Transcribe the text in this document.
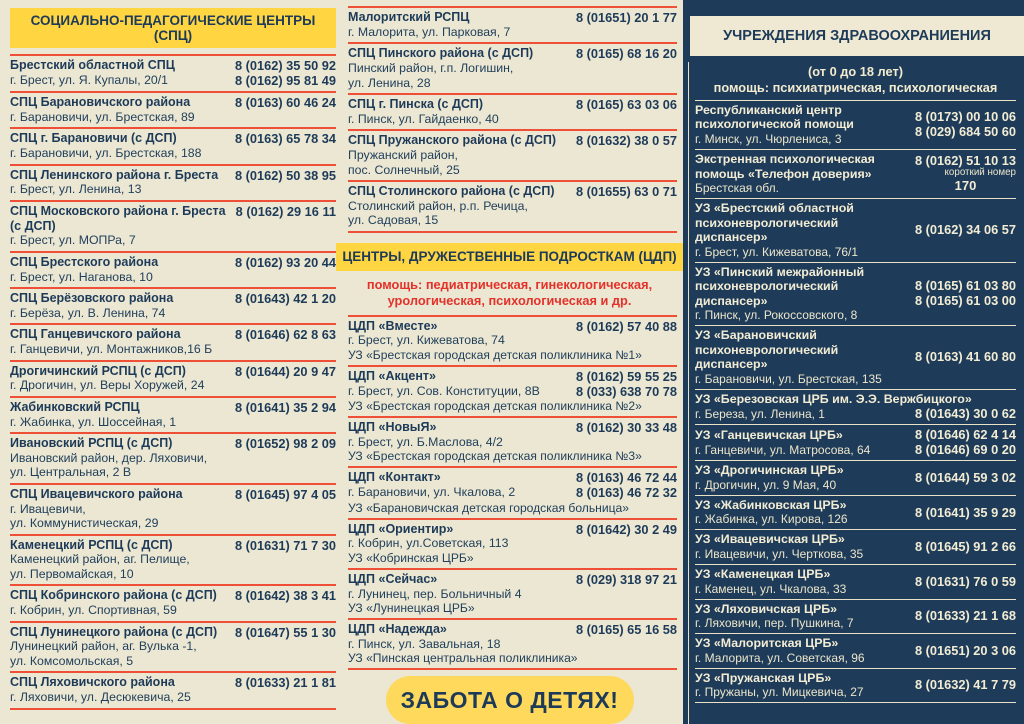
СОЦИАЛЬНО-ПЕДАГОГИЧЕСКИЕ ЦЕНТРЫ (СПЦ)
Брестский областной СПЦ
г. Брест, ул. Я. Купалы, 20/1
8 (0162) 35 50 92
8 (0162) 95 81 49
СПЦ Барановичского района
г. Барановичи, ул. Брестская, 89
8 (0163) 60 46 24
СПЦ г. Барановичи (с ДСП)
г. Барановичи, ул. Брестская, 188
8 (0163) 65 78 34
СПЦ Ленинского района г. Бреста
г. Брест, ул. Ленина, 13
8 (0162) 50 38 95
СПЦ Московского района г. Бреста (с ДСП)
г. Брест, ул. МОПРа, 7
8 (0162) 29 16 11
СПЦ Брестского района
г. Брест, ул. Наганова, 10
8 (0162) 93 20 44
СПЦ Берёзовского района
г. Берёза, ул. В. Ленина, 74
8 (01643) 42 1 20
СПЦ Ганцевичского района
г. Ганцевичи, ул. Монтажников,16 Б
8 (01646) 62 8 63
Дрогичинский РСПЦ (с ДСП)
г. Дрогичин, ул. Веры Хоружей, 24
8 (01644) 20 9 47
Жабинковский РСПЦ
г. Жабинка, ул. Шоссейная, 1
8 (01641) 35 2 94
Ивановский РСПЦ (с ДСП)
Ивановский район, дер. Ляховичи,
ул. Центральная, 2 В
8 (01652) 98 2 09
СПЦ Ивацевичского района
г. Ивацевичи,
ул. Коммунистическая, 29
8 (01645) 97 4 05
Каменецкий РСПЦ (с ДСП)
Каменецкий район, аг. Пелище,
ул. Первомайская, 10
8 (01631) 71 7 30
СПЦ Кобринского района (с ДСП)
г. Кобрин, ул. Спортивная, 59
8 (01642) 38 3 41
СПЦ Лунинецкого района (с ДСП)
Лунинецкий район, аг. Вулька -1,
ул. Комсомольская, 5
8 (01647) 55 1 30
СПЦ Ляховичского района
г. Ляховичи, ул. Десюкевича, 25
8 (01633) 21 1 81
Малоритский РСПЦ
г. Малорита, ул. Парковая, 7
8 (01651) 20 1 77
СПЦ Пинского района (с ДСП)
Пинский район, г.п. Логишин,
ул. Ленина, 28
8 (0165) 68 16 20
СПЦ г. Пинска (с ДСП)
г. Пинск, ул. Гайдаенко, 40
8 (0165) 63 03 06
СПЦ Пружанского района (с ДСП)
Пружанский район,
пос. Солнечный, 25
8 (01632) 38 0 57
СПЦ Столинского района (с ДСП)
Столинский район, р.п. Речица,
ул. Садовая, 15
8 (01655) 63 0 71
ЦЕНТРЫ, ДРУЖЕСТВЕННЫЕ ПОДРОСТКАМ (ЦДП)
помощь: педиатрическая, гинекологическая,
урологическая, психологическая и др.
ЦДП «Вместе»
г. Брест, ул. Кижеватова, 74
8 (0162) 57 40 88
УЗ «Брестская городская детская поликлиника №1»
ЦДП «Акцент»
г. Брест, ул. Сов. Конституции, 8В
8 (0162) 59 55 25
8 (033) 638 70 78
УЗ «Брестская городская детская поликлиника №2»
ЦДП «НовыЯ»
г. Брест, ул. Б.Маслова, 4/2
8 (0162) 30 33 48
УЗ «Брестская городская детская поликлиника №3»
ЦДП «Контакт»
г. Барановичи, ул. Чкалова, 2
8 (0163) 46 72 44
8 (0163) 46 72 32
УЗ «Барановичская детская городская больница»
ЦДП «Ориентир»
г. Кобрин, ул.Советская, 113
8 (01642) 30 2 49
УЗ «Кобринская ЦРБ»
ЦДП «Сейчас»
г. Лунинец, пер. Больничный 4
8 (029) 318 97 21
УЗ «Лунинецкая ЦРБ»
ЦДП «Надежда»
г. Пинск, ул. Завальная, 18
8 (0165) 65 16 58
УЗ «Пинская центральная поликлиника»
ЗАБОТА О ДЕТЯХ!
УЧРЕЖДЕНИЯ ЗДРАВООХРАНИЕНИЯ
(от 0 до 18 лет)
помощь: психиатрическая, психологическая
Республиканский центр психологической помощи
г. Минск, ул. Чюрлениса, 3
8 (0173) 00 10 06
8 (029) 684 50 60
Экстренная психологическая помощь «Телефон доверия»
Брестская обл.
8 (0162) 51 10 13
короткий номер
170
УЗ «Брестский областной психоневрологический диспансер»
г. Брест, ул. Кижеватова, 76/1
8 (0162) 34 06 57
УЗ «Пинский межрайонный психоневрологический диспансер»
г. Пинск, ул. Рокоссовского, 8
8 (0165) 61 03 80
8 (0165) 61 03 00
УЗ «Барановичский психоневрологический диспансер»
г. Барановичи, ул. Брестская, 135
8 (0163) 41 60 80
УЗ «Березовская ЦРБ им. Э.Э. Вержбицкого»
г. Береза, ул. Ленина, 1	8 (01643) 30 0 62
УЗ «Ганцевичская ЦРБ»
г. Ганцевичи, ул. Матросова, 64
8 (01646) 62 4 14
8 (01646) 69 0 20
УЗ «Дрогичинская ЦРБ»
г. Дрогичин, ул. 9 Мая, 40	8 (01644) 59 3 02
УЗ «Жабинковская ЦРБ»
г. Жабинка, ул. Кирова, 126	8 (01641) 35 9 29
УЗ «Ивацевичская ЦРБ»
г. Ивацевичи, ул. Черткова, 35	8 (01645) 91 2 66
УЗ «Каменецкая ЦРБ»
г. Каменец, ул. Чкалова, 33	8 (01631) 76 0 59
УЗ «Ляховичская ЦРБ»
г. Ляховичи, пер. Пушкина, 7	8 (01633) 21 1 68
УЗ «Малоритская ЦРБ»
г. Малорита, ул. Советская, 96	8 (01651) 20 3 06
УЗ «Пружанская ЦРБ»
г. Пружаны, ул. Мицкевича, 27	8 (01632) 41 7 79
